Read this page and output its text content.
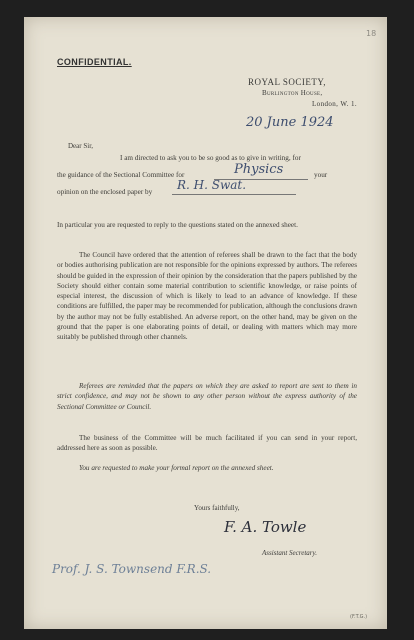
18
CONFIDENTIAL.
ROYAL SOCIETY,
Burlington House,
London, W. 1.
20 June 1924
Dear Sir,
I am directed to ask you to be so good as to give in writing, for
the guidance of the Sectional Committee for	Physics	your
opinion on the enclosed paper by R. H. Swat.

In particular you are requested to reply to the questions stated on the annexed sheet.

The Council have ordered that the attention of referees shall be drawn to the fact that the body or bodies authorising publication are not responsible for the opinions expressed by authors. The referees should be guided in the expression of their opinion by the consideration that the papers published by the Society should either contain some material contribution to scientific knowledge, or raise points of especial interest, the discussion of which is likely to lead to an advance of knowledge. If these conditions are fulfilled, the paper may be recommended for publication, although the conclusions drawn by the author may not be fully established. An adverse report, on the other hand, may be given on the ground that the paper is one elaborating points of detail, or dealing with matters which may more suitably be published through other channels.

Referees are reminded that the papers on which they are asked to report are sent to them in strict confidence, and may not be shown to any other person without the express authority of the Sectional Committee or Council.

The business of the Committee will be much facilitated if you can send in your report, addressed here as soon as possible.

You are requested to make your formal report on the annexed sheet.

Yours faithfully,
F. A. Towle
Assistant Secretary.
Prof. J. S. Townsend F.R.S.
(F.T.G.)
